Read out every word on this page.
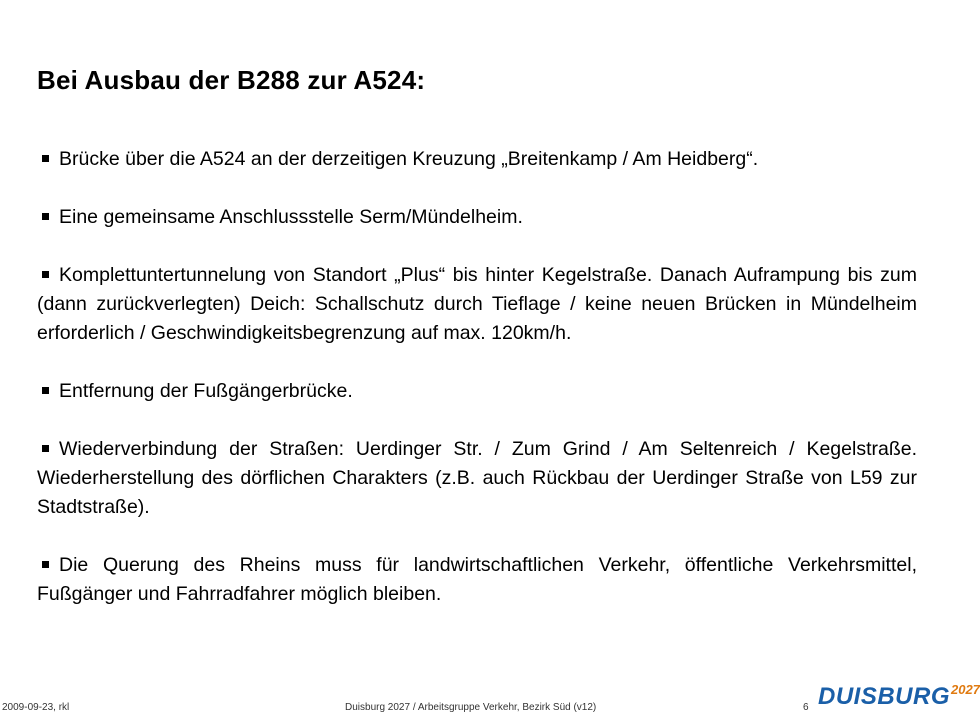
Bei Ausbau der B288 zur A524:
Brücke über die A524 an der derzeitigen Kreuzung „Breitenkamp / Am Heidberg“.
Eine gemeinsame Anschlussstelle Serm/Mündelheim.
Komplettuntertunnelung von Standort „Plus“ bis hinter Kegelstraße. Danach Auframpung bis zum (dann zurückverlegten) Deich: Schallschutz durch Tieflage / keine neuen Brücken in Mündelheim erforderlich / Geschwindigkeitsbegrenzung auf max. 120km/h.
Entfernung der Fußgängerbrücke.
Wiederverbindung der Straßen: Uerdinger Str. / Zum Grind / Am Seltenreich / Kegelstraße. Wiederherstellung des dörflichen Charakters (z.B. auch Rückbau der Uerdinger Straße von L59 zur Stadtstraße).
Die Querung des Rheins muss für landwirtschaftlichen Verkehr, öffentliche Verkehrsmittel, Fußgänger und Fahrradfahrer möglich bleiben.
2009-09-23, rkl	Duisburg 2027 / Arbeitsgruppe Verkehr, Bezirk Süd (v12)	6 $DUISBURG^{2027}$
